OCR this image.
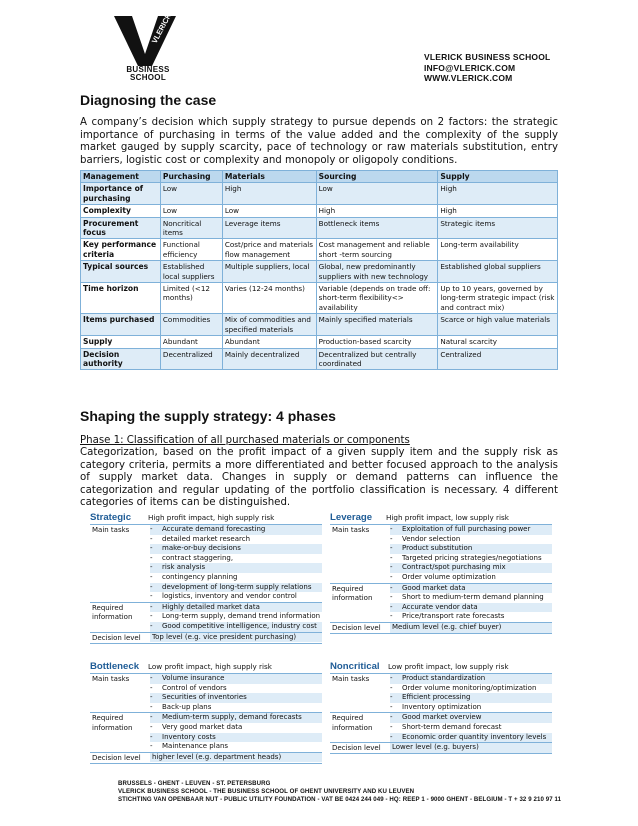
VLERICK
BUSINESS
SCHOOL
VLERICK BUSINESS SCHOOL
INFO@VLERICK.COM
WWW.VLERICK.COM
Diagnosing the case

A company’s decision which supply strategy to pursue depends on 2 factors: the strategic importance of purchasing in terms of the value added and the complexity of the supply market gauged by supply scarcity, pace of technology or raw materials substitution, entry barriers, logistic cost or complexity and monopoly or oligopoly conditions.

Management	Purchasing	Materials	Sourcing	Supply
Importance of purchasing	Low	High	Low	High
Complexity	Low	Low	High	High
Procurement focus	Noncritical items	Leverage items	Bottleneck items	Strategic items
Key performance criteria	Functional efficiency	Cost/price and materials flow management	Cost management and reliable short -term sourcing	Long-term availability
Typical sources	Established local suppliers	Multiple suppliers, local	Global, new predominantly suppliers with new technology	Established global suppliers
Time horizon	Limited (<12 months)	Varies (12-24 months)	Variable (depends on trade off: short-term flexibility<> availability	Up to 10 years, governed by long-term strategic impact (risk and contract mix)
Items purchased	Commodities	Mix of commodities and specified materials	Mainly specified materials	Scarce or high value materials
Supply	Abundant	Abundant	Production-based scarcity	Natural scarcity
Decision authority	Decentralized	Mainly decentralized	Decentralized but centrally coordinated	Centralized
Shaping the supply strategy: 4 phases
Phase 1: Classification of all purchased materials or components

Categorization, based on the profit impact of a given supply item and the supply risk as category criteria, permits a more differentiated and better focused approach to the analysis of supply market data. Changes in supply or demand patterns can influence the categorization and regular updating of the portfolio classification is necessary. 4 different categories of items can be distinguished.

Strategic High profit impact, high supply risk
Main tasks	- Accurate demand forecasting
- detailed market research
- make-or-buy decisions
- contract staggering,
- risk analysis
- contingency planning
- development of long-term supply relations
- logistics, inventory and vendor control
Required information
- Highly detailed market data
- Long-term supply, demand trend information
- Good competitive intelligence, industry cost
Decision level	Top level (e.g. vice president purchasing)
Leverage High profit impact, low supply risk
Main tasks	- Exploitation of full purchasing power
- Vendor selection
- Product substitution
- Targeted pricing strategies/negotiations
- Contract/spot purchasing mix
- Order volume optimization
Required information
- Good market data
- Short to medium-term demand planning
- Accurate vendor data
- Price/transport rate forecasts
Decision level	Medium level (e.g. chief buyer)
Bottleneck Low profit impact, high supply risk
Main tasks	- Volume insurance
- Control of vendors
- Securities of inventories
- Back-up plans
Required information
- Medium-term supply, demand forecasts
- Very good market data
- Inventory costs
- Maintenance plans
Decision level	higher level (e.g. department heads)
Noncritical Low profit impact, low supply risk
Main tasks	- Product standardization
- Order volume monitoring/optimization
- Efficient processing
- Inventory optimization
Required information
- Good market overview
- Short-term demand forecast
- Economic order quantity inventory levels
Decision level	Lower level (e.g. buyers)
BRUSSELS - GHENT - LEUVEN - ST. PETERSBURG
VLERICK BUSINESS SCHOOL - THE BUSINESS SCHOOL OF GHENT UNIVERSITY AND KU LEUVEN
STICHTING VAN OPENBAAR NUT - PUBLIC UTILITY FOUNDATION - VAT BE 0424 244 049 - HQ: REEP 1 - 9000 GHENT - BELGIUM - T + 32 9 210 97 11
